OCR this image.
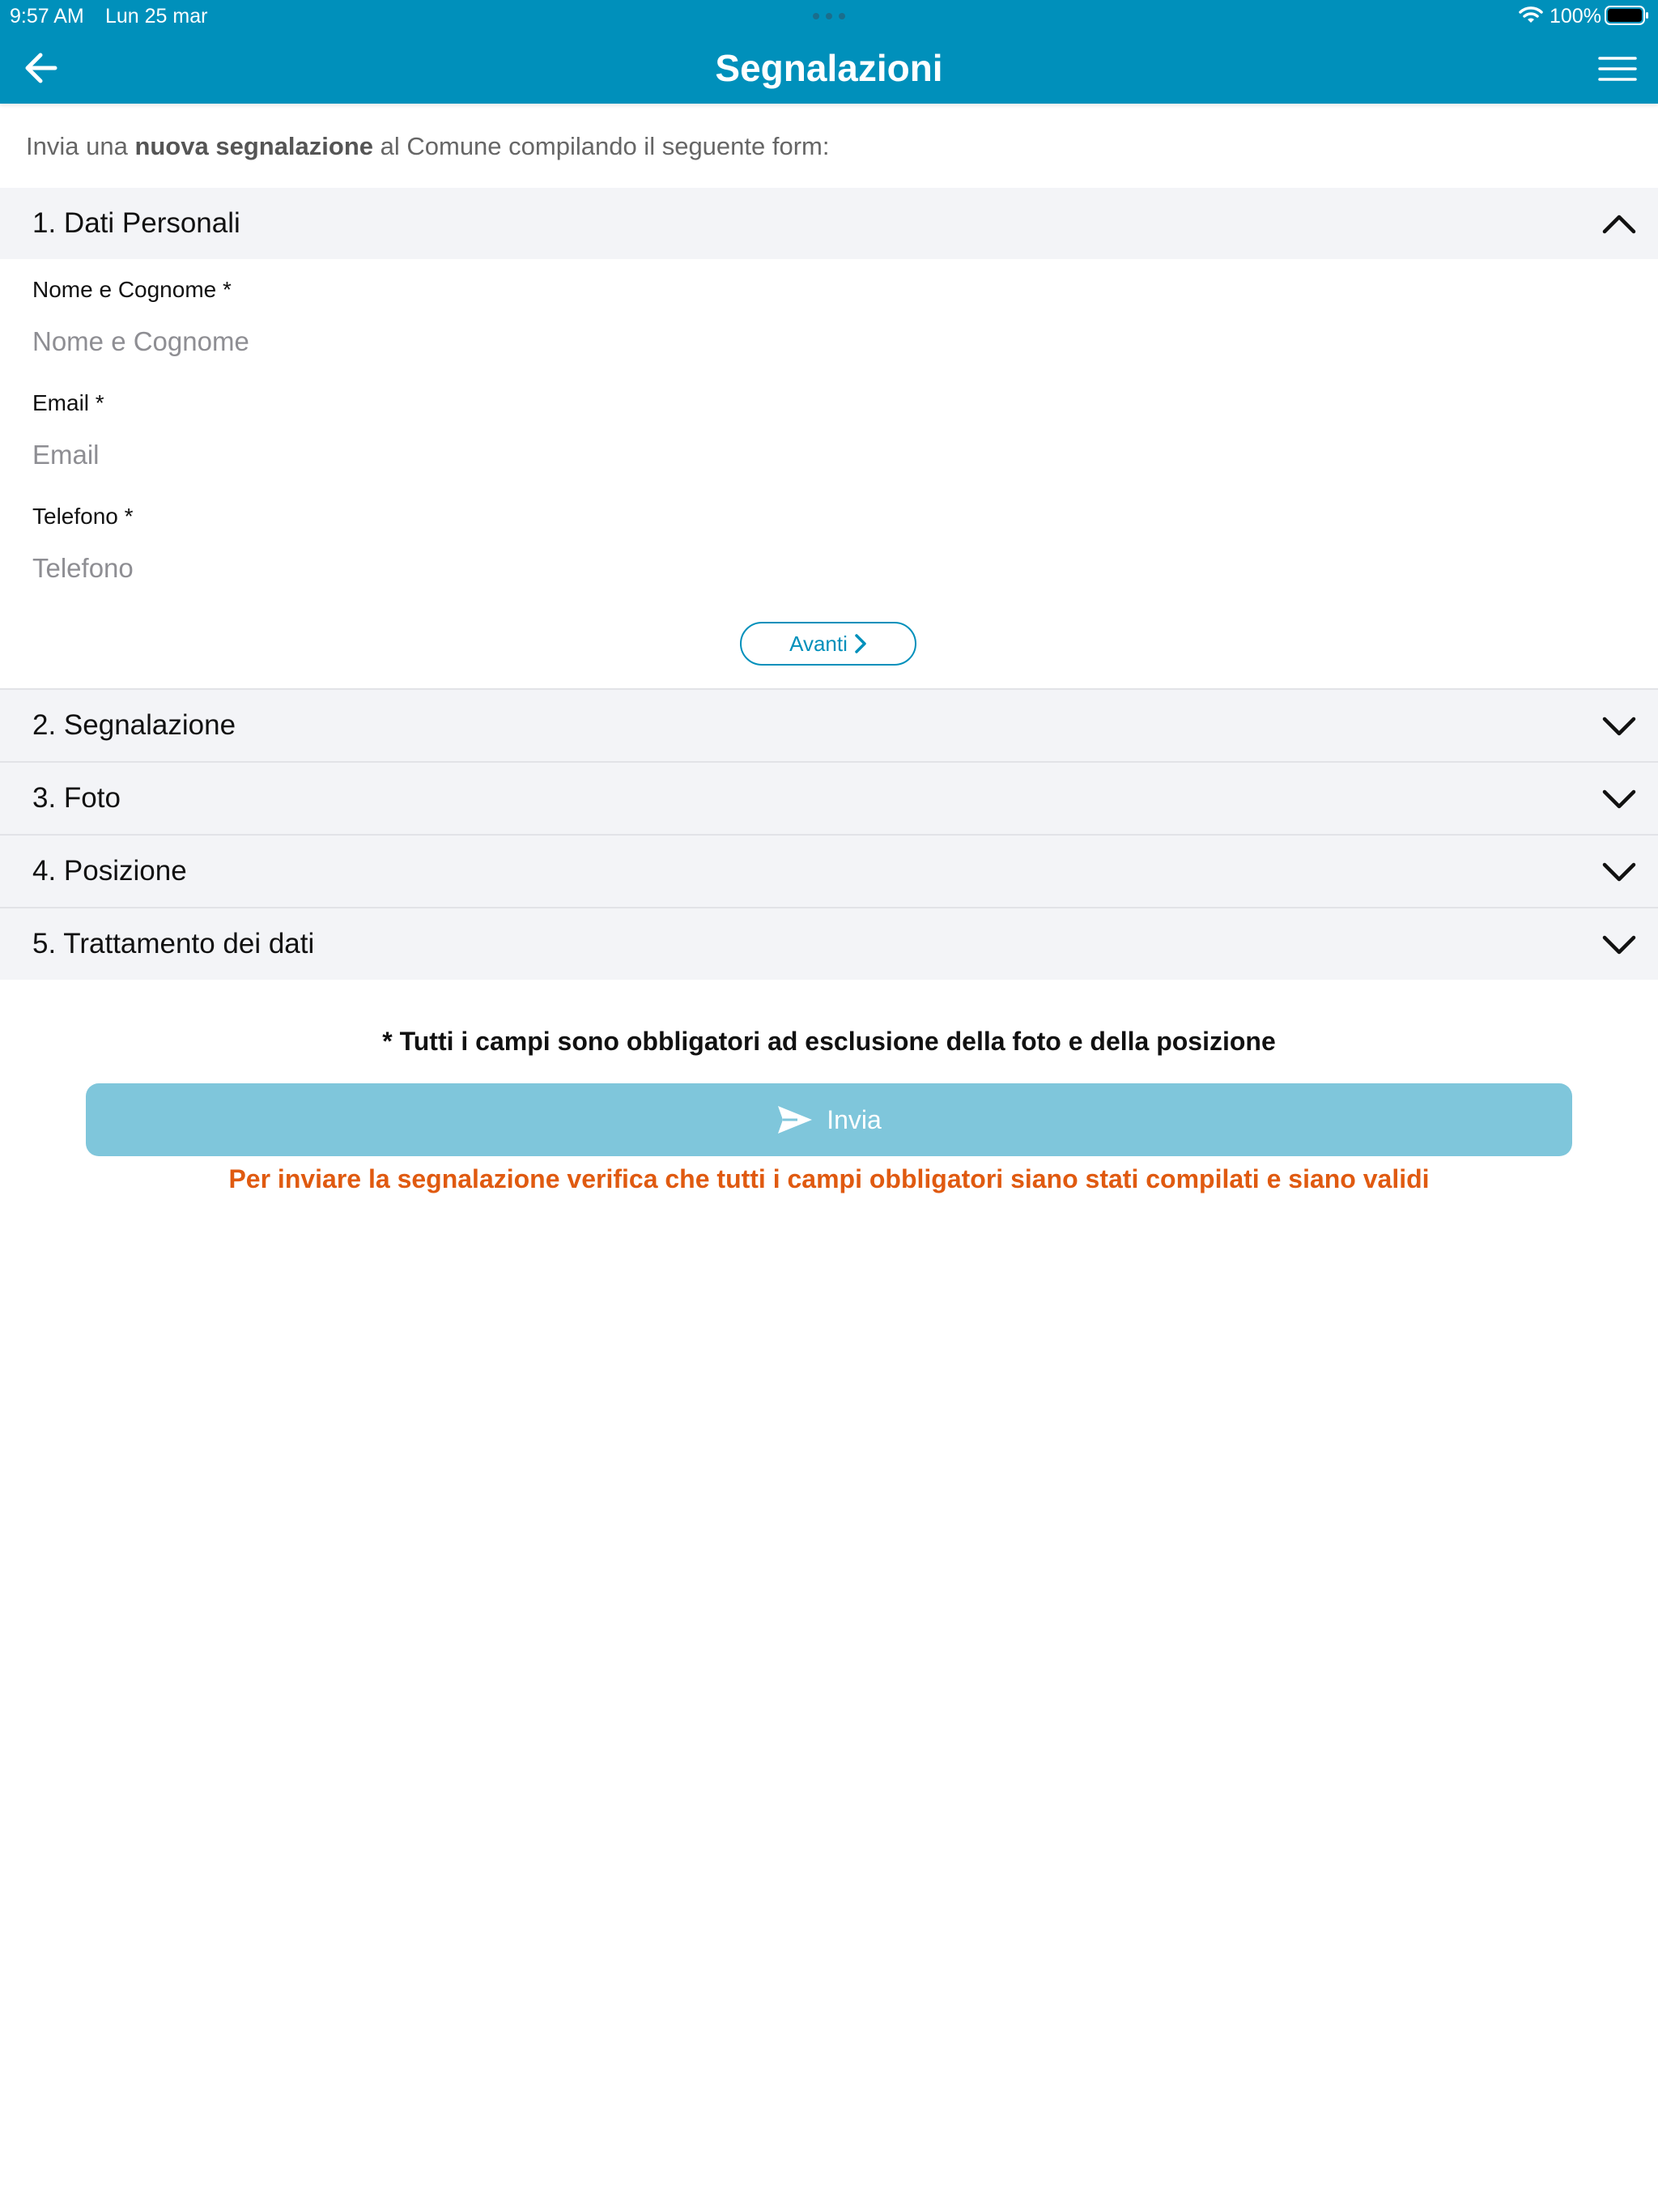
9:57 AM Lun 25 mar	100%
Segnalazioni
Invia una nuova segnalazione al Comune compilando il seguente form:
1. Dati Personali
Nome e Cognome *
Nome e Cognome
Email *
Email
Telefono *
Telefono
Avanti
2. Segnalazione
3. Foto
4. Posizione
5. Trattamento dei dati
* Tutti i campi sono obbligatori ad esclusione della foto e della posizione
Invia
Per inviare la segnalazione verifica che tutti i campi obbligatori siano stati compilati e siano validi
